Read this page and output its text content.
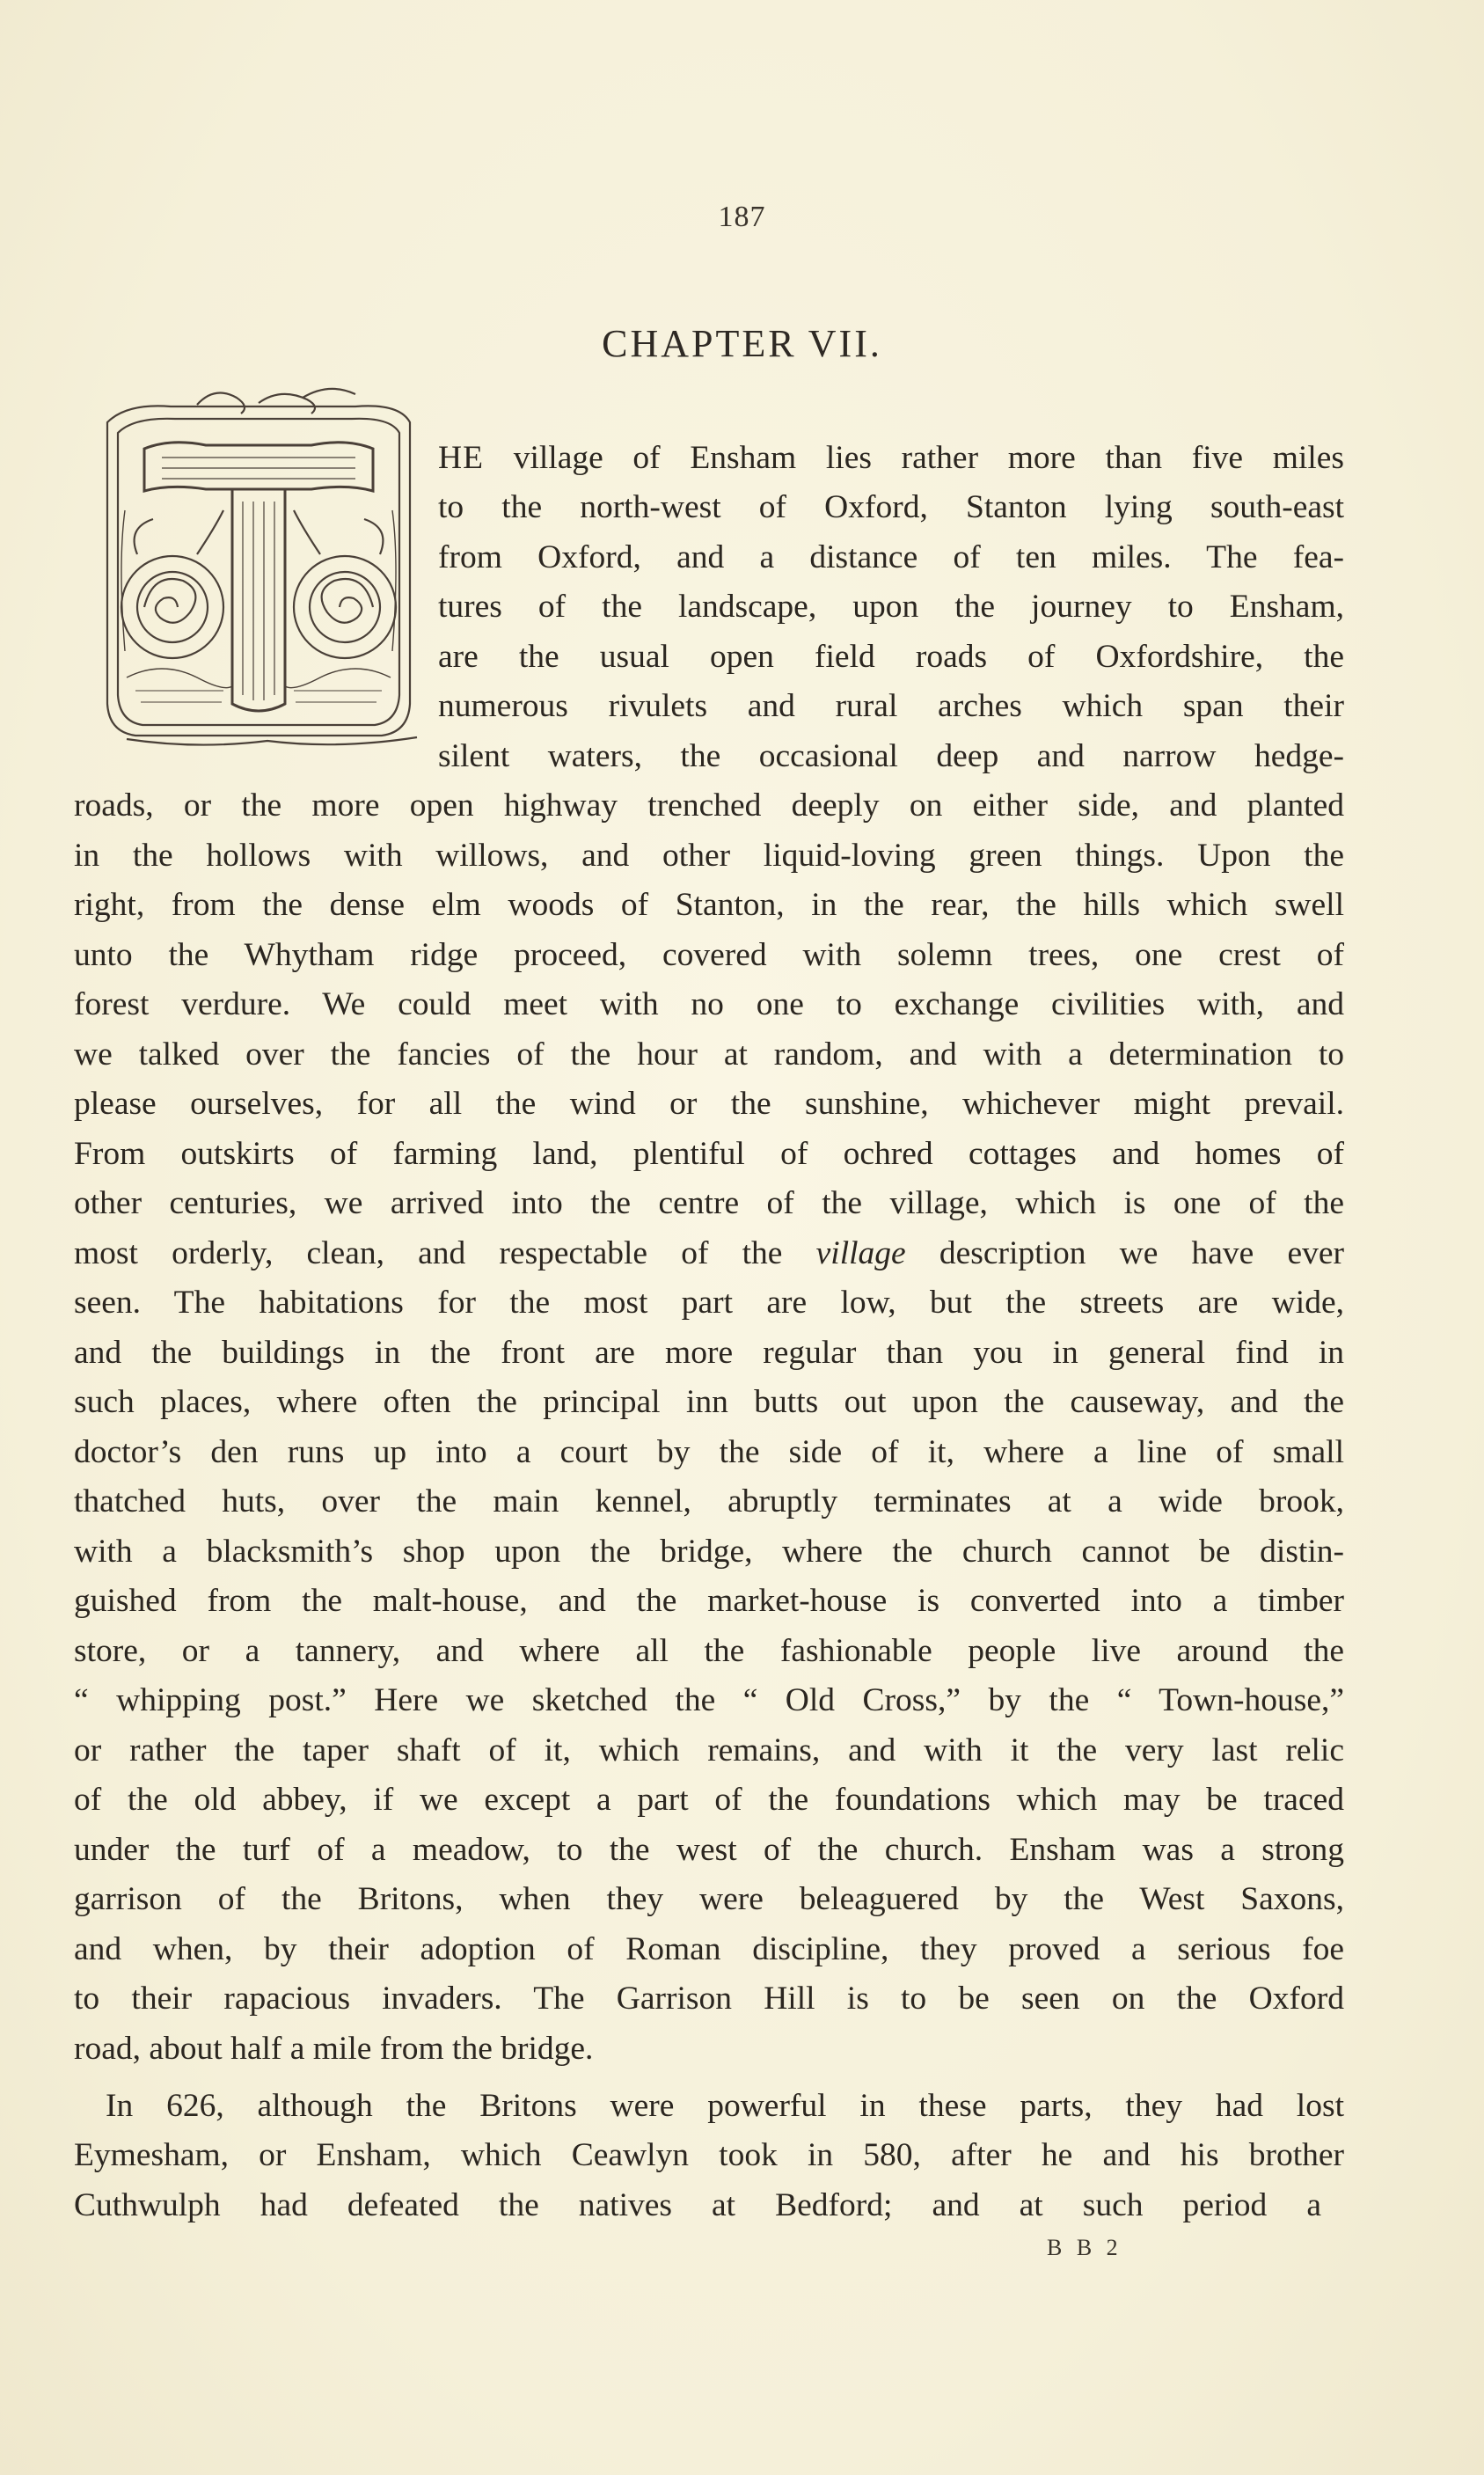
187
CHAPTER VII.
HE village of Ensham lies rather more than five miles
to the north-west of Oxford, Stanton lying south-east
from Oxford, and a distance of ten miles. The fea-
tures of the landscape, upon the journey to Ensham,
are the usual open field roads of Oxfordshire, the
numerous rivulets and rural arches which span their
silent waters, the occasional deep and narrow hedge-
roads, or the more open highway trenched deeply on either side, and planted
in the hollows with willows, and other liquid-loving green things. Upon the
right, from the dense elm woods of Stanton, in the rear, the hills which swell
unto the Whytham ridge proceed, covered with solemn trees, one crest of
forest verdure. We could meet with no one to exchange civilities with, and
we talked over the fancies of the hour at random, and with a determination to
please ourselves, for all the wind or the sunshine, whichever might prevail.
From outskirts of farming land, plentiful of ochred cottages and homes of
other centuries, we arrived into the centre of the village, which is one of the
most orderly, clean, and respectable of the village description we have ever
seen. The habitations for the most part are low, but the streets are wide,
and the buildings in the front are more regular than you in general find in
such places, where often the principal inn butts out upon the causeway, and the
doctor’s den runs up into a court by the side of it, where a line of small
thatched huts, over the main kennel, abruptly terminates at a wide brook,
with a blacksmith’s shop upon the bridge, where the church cannot be distin-
guished from the malt-house, and the market-house is converted into a timber
store, or a tannery, and where all the fashionable people live around the
“ whipping post.” Here we sketched the “ Old Cross,” by the “ Town-house,”
or rather the taper shaft of it, which remains, and with it the very last relic
of the old abbey, if we except a part of the foundations which may be traced
under the turf of a meadow, to the west of the church. Ensham was a strong
garrison of the Britons, when they were beleaguered by the West Saxons,
and when, by their adoption of Roman discipline, they proved a serious foe
to their rapacious invaders. The Garrison Hill is to be seen on the Oxford
road, about half a mile from the bridge.
In 626, although the Britons were powerful in these parts, they had lost
Eymesham, or Ensham, which Ceawlyn took in 580, after he and his brother
Cuthwulph had defeated the natives at Bedford; and at such period a
B B 2
